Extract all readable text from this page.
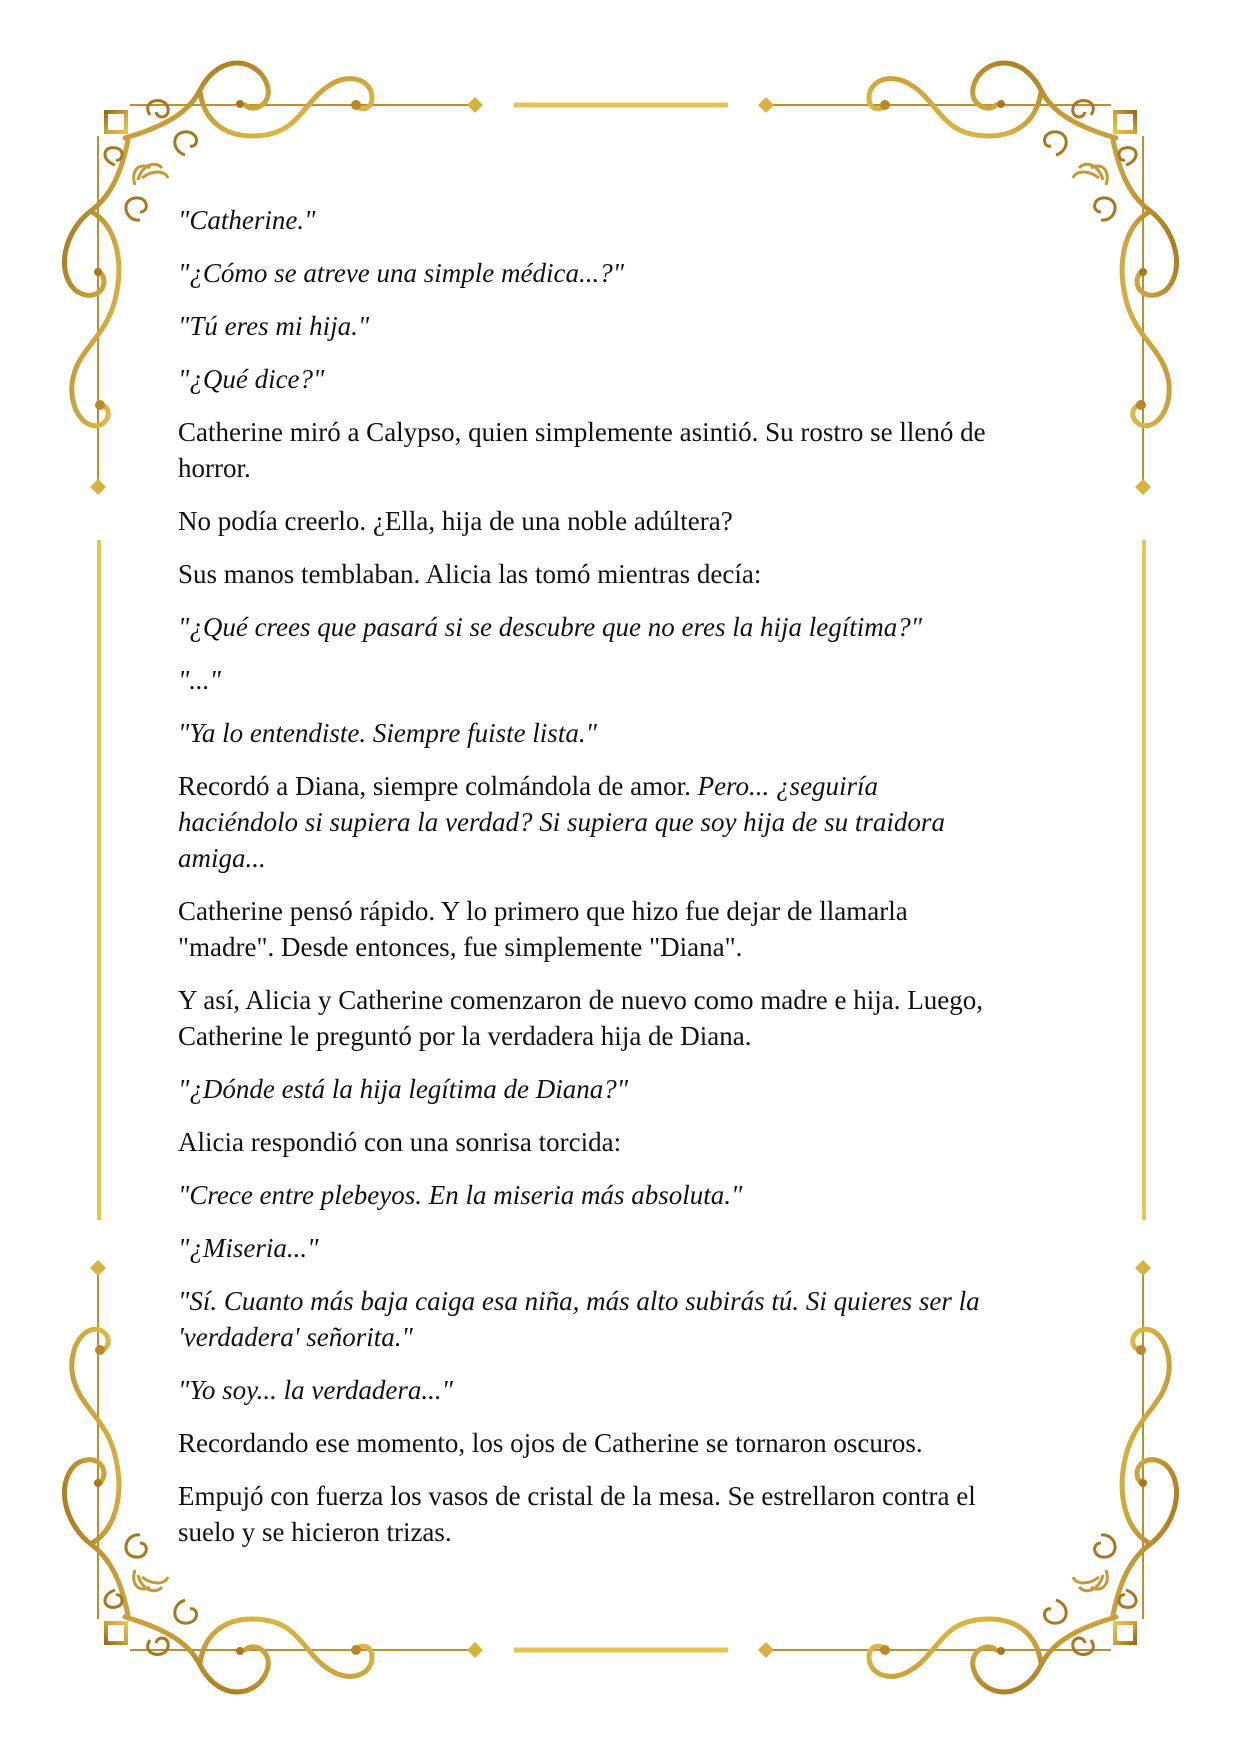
"Catherine."

"¿Cómo se atreve una simple médica...?"

"Tú eres mi hija."

"¿Qué dice?"

Catherine miró a Calypso, quien simplemente asintió. Su rostro se llenó de
horror.

No podía creerlo. ¿Ella, hija de una noble adúltera?

Sus manos temblaban. Alicia las tomó mientras decía:

"¿Qué crees que pasará si se descubre que no eres la hija legítima?"

"..."

"Ya lo entendiste. Siempre fuiste lista."

Recordó a Diana, siempre colmándola de amor. Pero... ¿seguiría
haciéndolo si supiera la verdad? Si supiera que soy hija de su traidora
amiga...

Catherine pensó rápido. Y lo primero que hizo fue dejar de llamarla
"madre". Desde entonces, fue simplemente "Diana".

Y así, Alicia y Catherine comenzaron de nuevo como madre e hija. Luego,
Catherine le preguntó por la verdadera hija de Diana.

"¿Dónde está la hija legítima de Diana?"

Alicia respondió con una sonrisa torcida:

"Crece entre plebeyos. En la miseria más absoluta."

"¿Miseria..."

"Sí. Cuanto más baja caiga esa niña, más alto subirás tú. Si quieres ser la
'verdadera' señorita."

"Yo soy... la verdadera..."

Recordando ese momento, los ojos de Catherine se tornaron oscuros.

Empujó con fuerza los vasos de cristal de la mesa. Se estrellaron contra el
suelo y se hicieron trizas.
